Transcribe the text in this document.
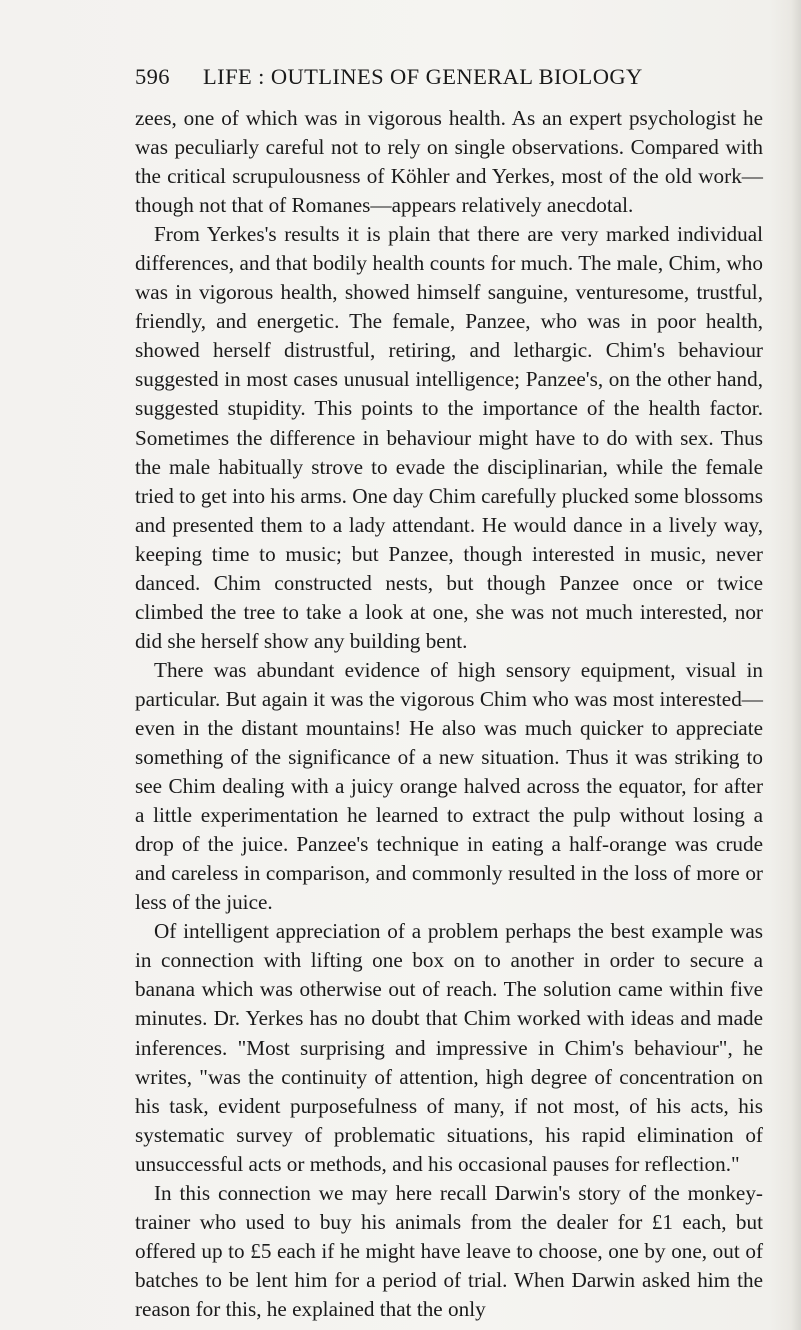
596 LIFE : OUTLINES OF GENERAL BIOLOGY

zees, one of which was in vigorous health. As an expert psychologist he was peculiarly careful not to rely on single observations. Compared with the critical scrupulousness of Köhler and Yerkes, most of the old work—though not that of Romanes—appears relatively anecdotal.

From Yerkes's results it is plain that there are very marked individual differences, and that bodily health counts for much. The male, Chim, who was in vigorous health, showed himself sanguine, venturesome, trustful, friendly, and energetic. The female, Panzee, who was in poor health, showed herself distrustful, retiring, and lethargic. Chim's behaviour suggested in most cases unusual intelligence; Panzee's, on the other hand, suggested stupidity. This points to the importance of the health factor. Sometimes the difference in behaviour might have to do with sex. Thus the male habitually strove to evade the disciplinarian, while the female tried to get into his arms. One day Chim carefully plucked some blossoms and presented them to a lady attendant. He would dance in a lively way, keeping time to music; but Panzee, though interested in music, never danced. Chim constructed nests, but though Panzee once or twice climbed the tree to take a look at one, she was not much interested, nor did she herself show any building bent.

There was abundant evidence of high sensory equipment, visual in particular. But again it was the vigorous Chim who was most interested—even in the distant mountains! He also was much quicker to appreciate something of the significance of a new situation. Thus it was striking to see Chim dealing with a juicy orange halved across the equator, for after a little experimentation he learned to extract the pulp without losing a drop of the juice. Panzee's technique in eating a half-orange was crude and careless in comparison, and commonly resulted in the loss of more or less of the juice.

Of intelligent appreciation of a problem perhaps the best example was in connection with lifting one box on to another in order to secure a banana which was otherwise out of reach. The solution came within five minutes. Dr. Yerkes has no doubt that Chim worked with ideas and made inferences. "Most surprising and impressive in Chim's behaviour", he writes, "was the continuity of attention, high degree of concentration on his task, evident purposefulness of many, if not most, of his acts, his systematic survey of problematic situations, his rapid elimination of unsuccessful acts or methods, and his occasional pauses for reflection."

In this connection we may here recall Darwin's story of the monkey-trainer who used to buy his animals from the dealer for £1 each, but offered up to £5 each if he might have leave to choose, one by one, out of batches to be lent him for a period of trial. When Darwin asked him the reason for this, he explained that the only
